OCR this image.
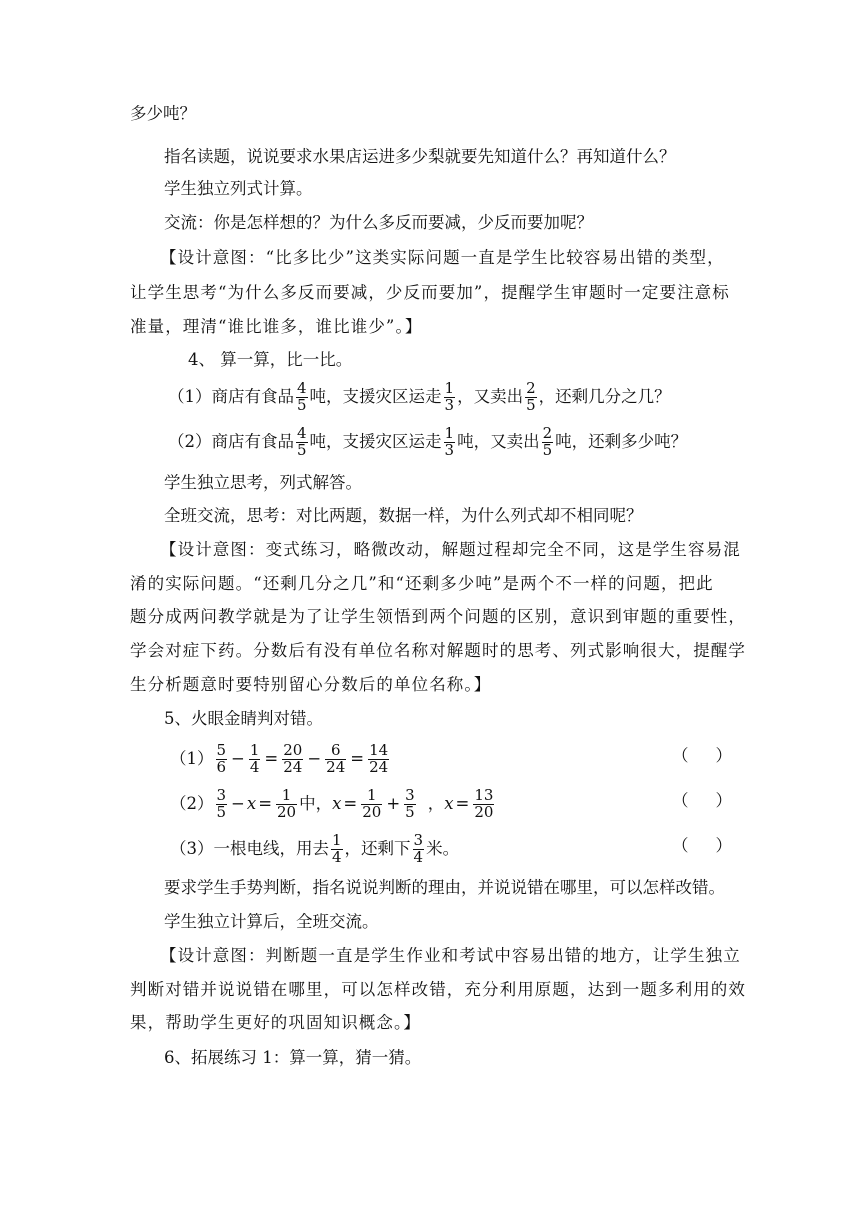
多少吨？
指名读题，说说要求水果店运进多少梨就要先知道什么？再知道什么？
学生独立列式计算。
交流：你是怎样想的？为什么多反而要减，少反而要加呢？
【设计意图：“比多比少”这类实际问题一直是学生比较容易出错的类型，
让学生思考“为什么多反而要减，少反而要加”，提醒学生审题时一定要注意标
准量，理清“谁比谁多，谁比谁少”。】
4、 算一算，比一比。
（1）商店有食品 $\frac{4}{5}$ 吨，支援灾区运走 $\frac{1}{3}$ ，又卖出 $\frac{2}{5}$ ，还剩几分之几？
（2）商店有食品 $\frac{4}{5}$ 吨，支援灾区运走 $\frac{1}{3}$ 吨，又卖出 $\frac{2}{5}$ 吨，还剩多少吨？
学生独立思考，列式解答。
全班交流，思考：对比两题，数据一样，为什么列式却不相同呢？
【设计意图：变式练习，略微改动，解题过程却完全不同，这是学生容易混
淆的实际问题。“还剩几分之几”和“还剩多少吨”是两个不一样的问题，把此
题分成两问教学就是为了让学生领悟到两个问题的区别，意识到审题的重要性，
学会对症下药。分数后有没有单位名称对解题时的思考、列式影响很大，提醒学
生分析题意时要特别留心分数后的单位名称。】
5、火眼金睛判对错。
$(1) \frac{5}{6} - \frac{1}{4} = \frac{20}{24} - \frac{6}{24} = \frac{14}{24}$	（ ）
$(2) \frac{3}{5} - x = \frac{1}{20}$ 中，$x = \frac{1}{20} + \frac{3}{5}$ ，$x = \frac{13}{20}$	（ ）
（3）一根电线，用去 $\frac{1}{4}$ ，还剩下 $\frac{3}{4}$ 米。	（ ）
要求学生手势判断，指名说说判断的理由，并说说错在哪里，可以怎样改错。
学生独立计算后，全班交流。
【设计意图：判断题一直是学生作业和考试中容易出错的地方，让学生独立
判断对错并说说错在哪里，可以怎样改错，充分利用原题，达到一题多利用的效
果，帮助学生更好的巩固知识概念。】
6、拓展练习 1：算一算，猜一猜。
